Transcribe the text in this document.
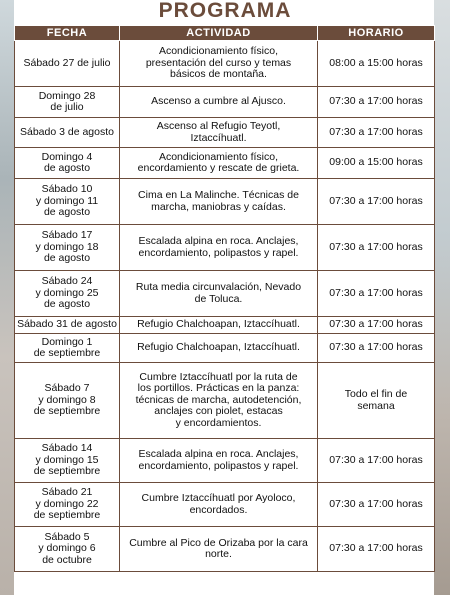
PROGRAMA
FECHA	ACTIVIDAD	HORARIO
Sábado 27 de julio	Acondicionamiento físico,
presentación del curso y temas
básicos de montaña.	08:00 a 15:00 horas
Domingo 28
de julio	Ascenso a cumbre al Ajusco.	07:30 a 17:00 horas
Sábado 3 de agosto	Ascenso al Refugio Teyotl,
Iztaccíhuatl.	07:30 a 17:00 horas
Domingo 4
de agosto	Acondicionamiento físico,
encordamiento y rescate de grieta.	09:00 a 15:00 horas
Sábado 10
y domingo 11
de agosto	Cima en La Malinche. Técnicas de
marcha, maniobras y caídas.	07:30 a 17:00 horas
Sábado 17
y domingo 18
de agosto	Escalada alpina en roca. Anclajes,
encordamiento, polipastos y rapel.	07:30 a 17:00 horas
Sábado 24
y domingo 25
de agosto	Ruta media circunvalación, Nevado
de Toluca.	07:30 a 17:00 horas
Sábado 31 de agosto	Refugio Chalchoapan, Iztaccíhuatl.	07:30 a 17:00 horas
Domingo 1
de septiembre	Refugio Chalchoapan, Iztaccíhuatl.	07:30 a 17:00 horas
Sábado 7
y domingo 8
de septiembre	Cumbre Iztaccíhuatl por la ruta de
los portillos. Prácticas en la panza:
técnicas de marcha, autodetención,
anclajes con piolet, estacas
y encordamientos.	Todo el fin de
semana
Sábado 14
y domingo 15
de septiembre	Escalada alpina en roca. Anclajes,
encordamiento, polipastos y rapel.	07:30 a 17:00 horas
Sábado 21
y domingo 22
de septiembre	Cumbre Iztaccíhuatl por Ayoloco,
encordados.	07:30 a 17:00 horas
Sábado 5
y domingo 6
de octubre	Cumbre al Pico de Orizaba por la cara
norte.	07:30 a 17:00 horas
